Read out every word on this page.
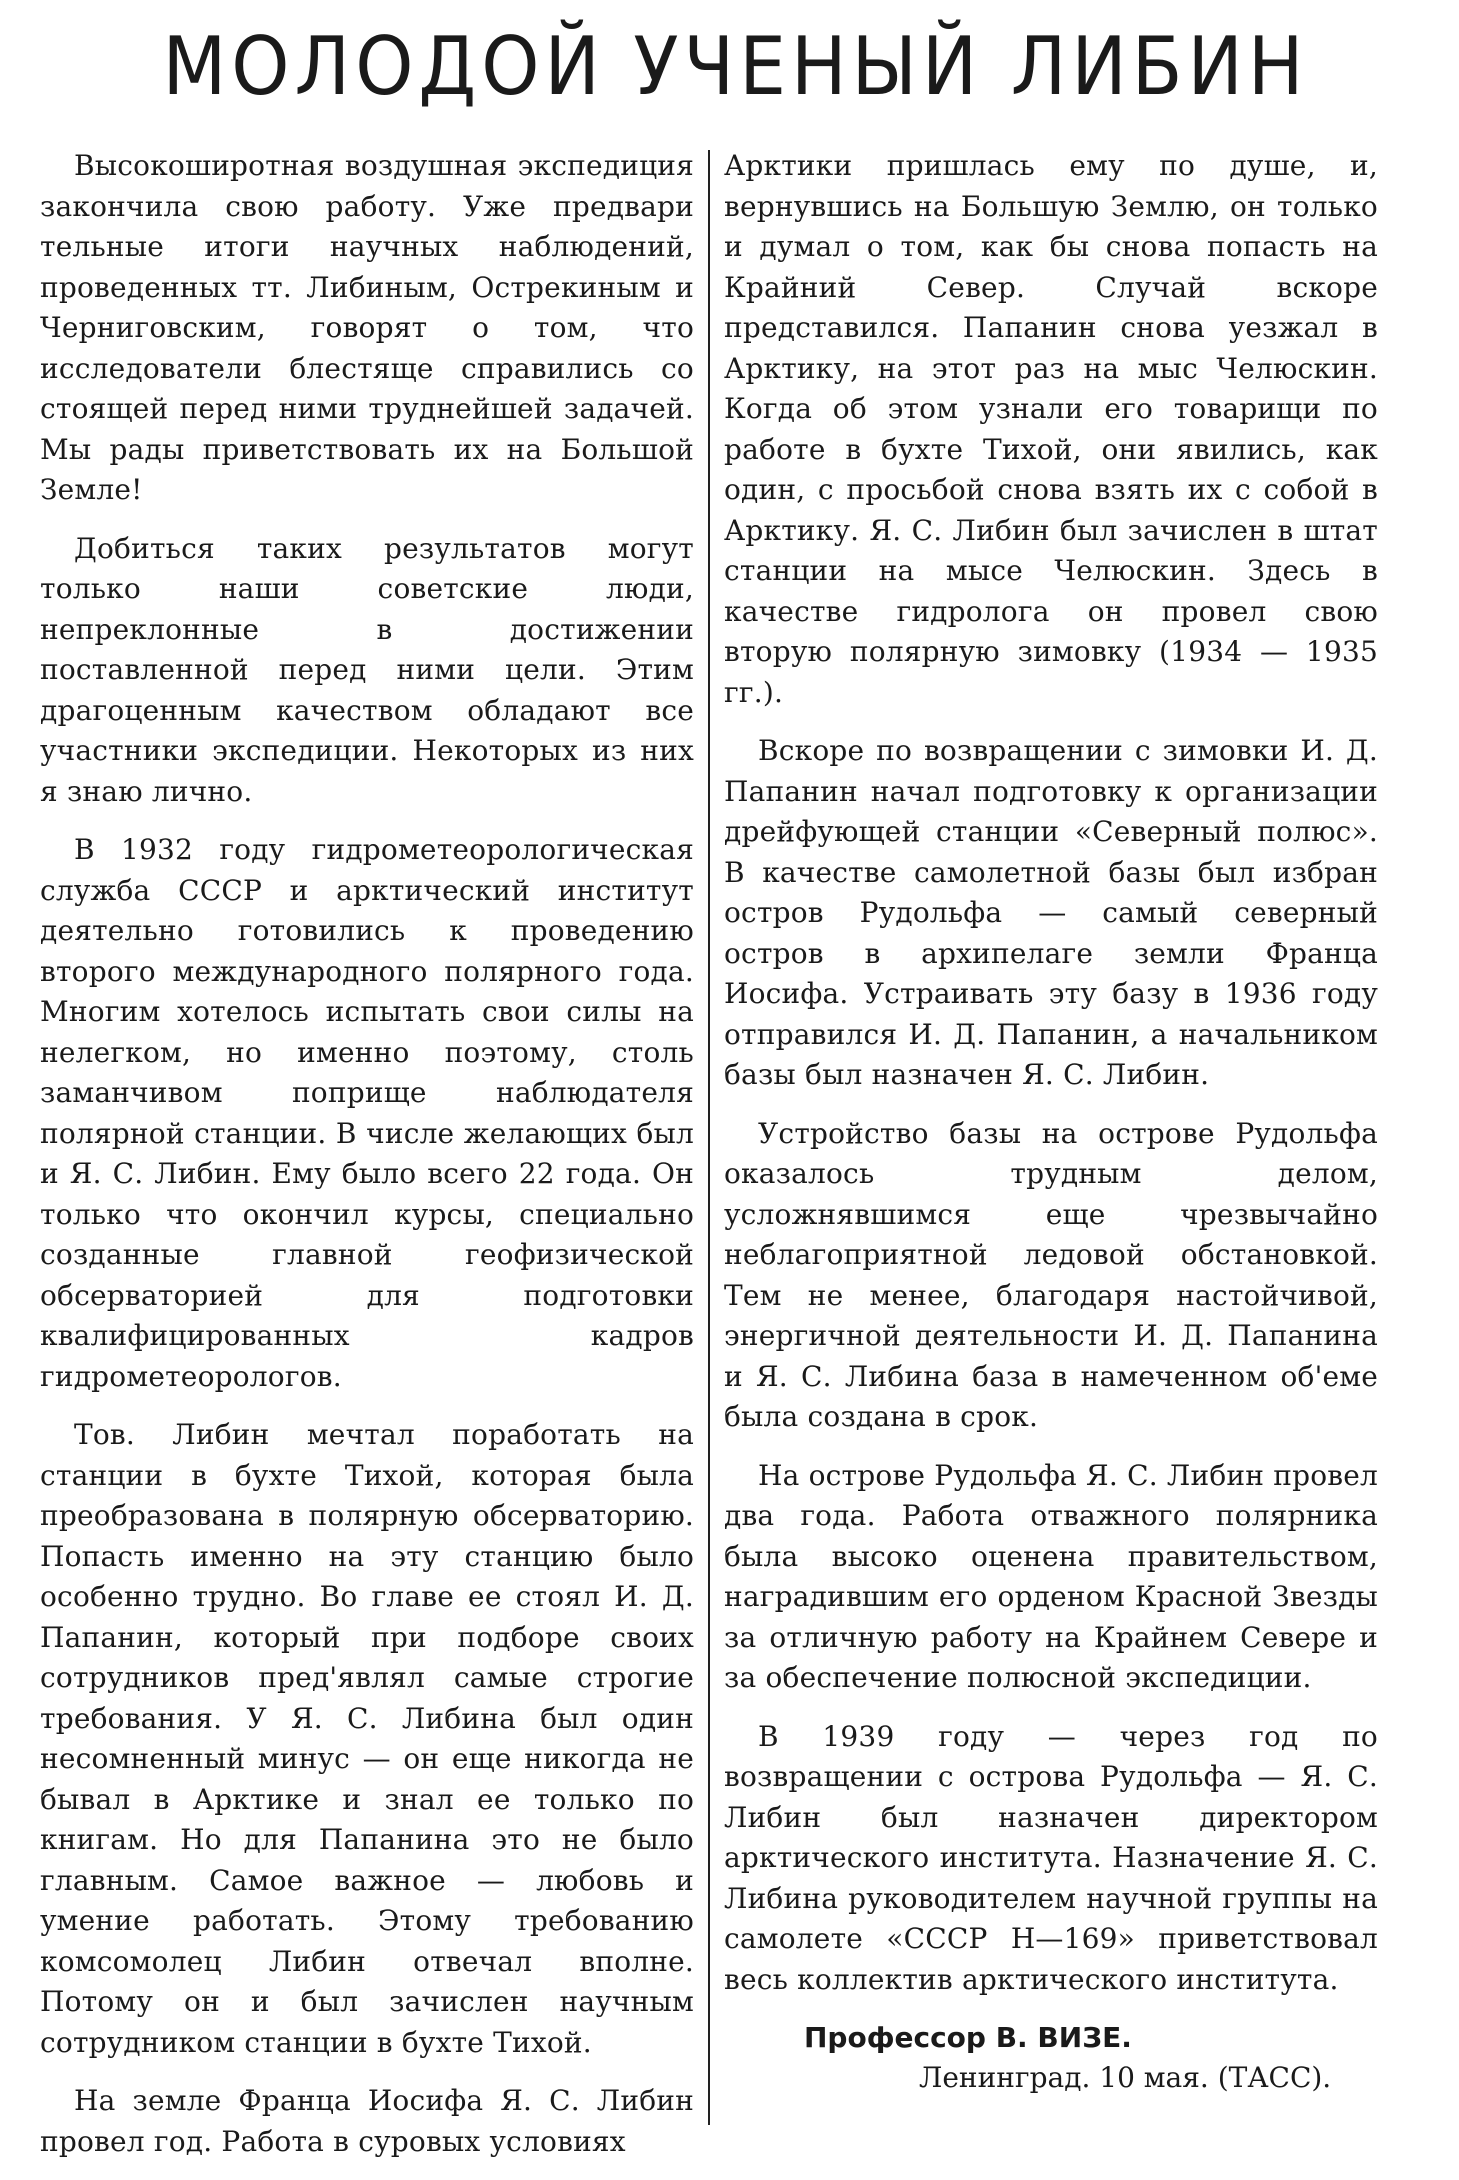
МОЛОДОЙ УЧЕНЫЙ ЛИБИН

Высокоширотная воздушная экспедиция закончила свою работу. Уже предвари тельные итоги научных наблюдений, проведенных тт. Либиным, Острекиным и Черниговским, говорят о том, что исследователи блестяще справились со стоящей перед ними труднейшей задачей. Мы рады приветствовать их на Большой Земле!

Добиться таких результатов могут только наши советские люди, непреклонные в достижении поставленной перед ними цели. Этим драгоценным качеством обладают все участники экспедиции. Некоторых из них я знаю лично.

В 1932 году гидрометеорологическая служба СССР и арктический институт деятельно готовились к проведению второго международного полярного года. Многим хотелось испытать свои силы на нелегком, но именно поэтому, столь заманчивом поприще наблюдателя полярной станции. В числе желающих был и Я. С. Либин. Ему было всего 22 года. Он только что окончил курсы, специально созданные главной геофизической обсерваторией для подготовки квалифицированных кадров гидрометеорологов.

Тов. Либин мечтал поработать на станции в бухте Тихой, которая была преобразована в полярную обсерваторию. Попасть именно на эту станцию было особенно трудно. Во главе ее стоял И. Д. Папанин, который при подборе своих сотрудников пред'являл самые строгие требования. У Я. С. Либина был один несомненный минус — он еще никогда не бывал в Арктике и знал ее только по книгам. Но для Папанина это не было главным. Самое важное — любовь и умение работать. Этому требованию комсомолец Либин отвечал вполне. Потому он и был зачислен научным сотрудником станции в бухте Тихой.

На земле Франца Иосифа Я. С. Либин провел год. Работа в суровых условиях

Арктики пришлась ему по душе, и, вернувшись на Большую Землю, он только и думал о том, как бы снова попасть на Крайний Север. Случай вскоре представился. Папанин снова уезжал в Арктику, на этот раз на мыс Челюскин. Когда об этом узнали его товарищи по работе в бухте Тихой, они явились, как один, с просьбой снова взять их с собой в Арктику. Я. С. Либин был зачислен в штат станции на мысе Челюскин. Здесь в качестве гидролога он провел свою вторую полярную зимовку (1934 — 1935 гг.).

Вскоре по возвращении с зимовки И. Д. Папанин начал подготовку к организации дрейфующей станции «Северный полюс». В качестве самолетной базы был избран остров Рудольфа — самый северный остров в архипелаге земли Франца Иосифа. Устраивать эту базу в 1936 году отправился И. Д. Папанин, а начальником базы был назначен Я. С. Либин.

Устройство базы на острове Рудольфа оказалось трудным делом, усложнявшимся еще чрезвычайно неблагоприятной ледовой обстановкой. Тем не менее, благодаря настойчивой, энергичной деятельности И. Д. Папанина и Я. С. Либина база в намеченном об'еме была создана в срок.

На острове Рудольфа Я. С. Либин провел два года. Работа отважного полярника была высоко оценена правительством, наградившим его орденом Красной Звезды за отличную работу на Крайнем Севере и за обеспечение полюсной экспедиции.

В 1939 году — через год по возвращении с острова Рудольфа — Я. С. Либин был назначен директором арктического института. Назначение Я. С. Либина руководителем научной группы на самолете «СССР Н—169» приветствовал весь коллектив арктического института.

Профессор В. ВИЗЕ.
Ленинград. 10 мая. (ТАСС).
